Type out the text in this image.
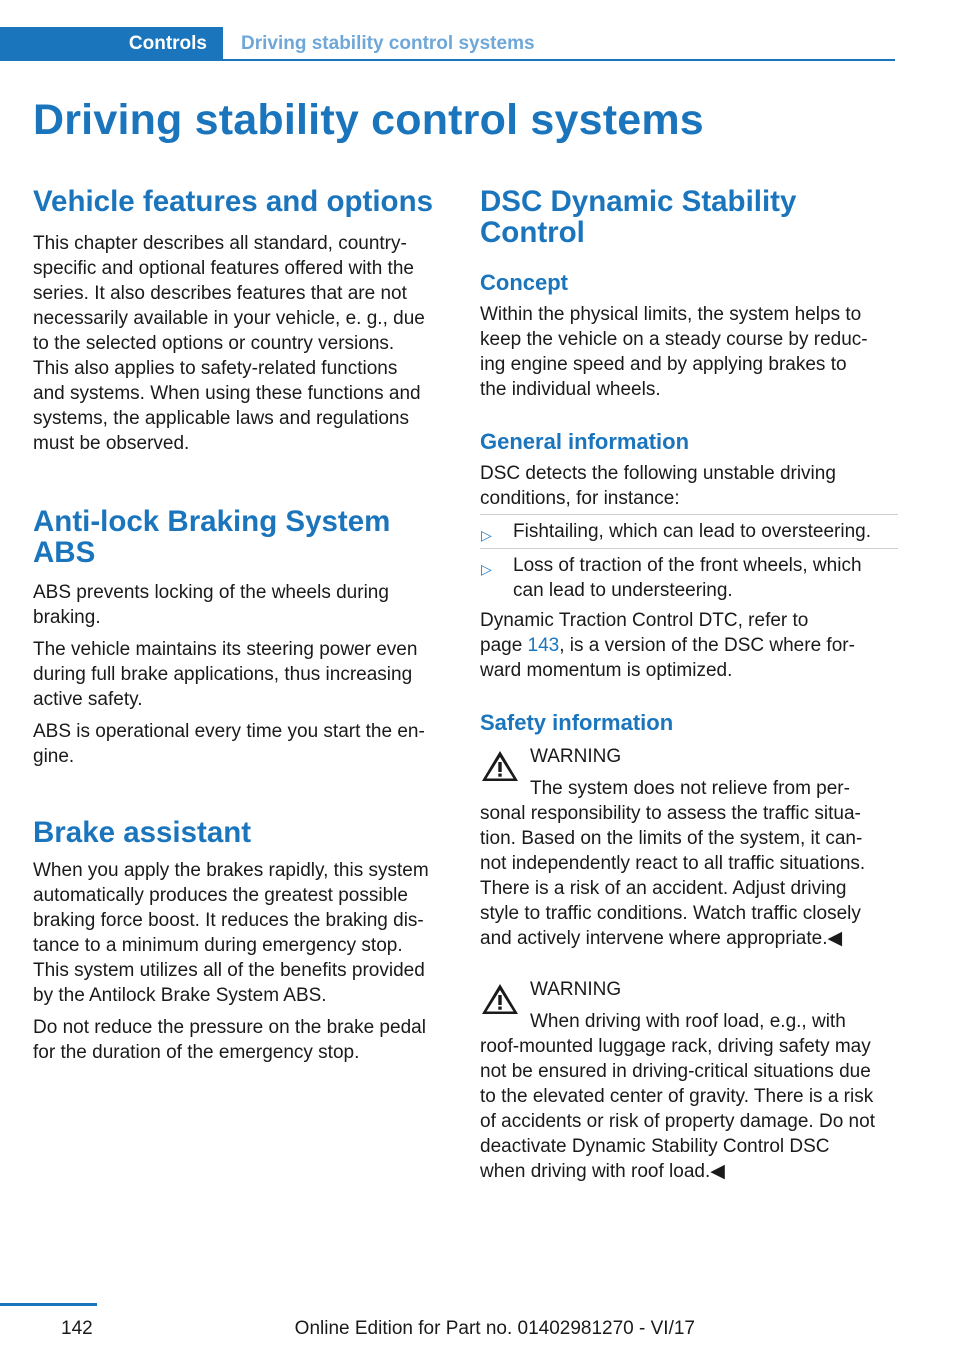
Controls Driving stability control systems
Driving stability control systems
Vehicle features and options

This chapter describes all standard, country-
specific and optional features offered with the
series. It also describes features that are not
necessarily available in your vehicle, e. g., due
to the selected options or country versions.
This also applies to safety-related functions
and systems. When using these functions and
systems, the applicable laws and regulations
must be observed.

Anti-lock Braking System
ABS

ABS prevents locking of the wheels during
braking.

The vehicle maintains its steering power even
during full brake applications, thus increasing
active safety.

ABS is operational every time you start the en-
gine.

Brake assistant

When you apply the brakes rapidly, this system
automatically produces the greatest possible
braking force boost. It reduces the braking dis-
tance to a minimum during emergency stop.
This system utilizes all of the benefits provided
by the Antilock Brake System ABS.

Do not reduce the pressure on the brake pedal
for the duration of the emergency stop.

DSC Dynamic Stability
Control
Concept

Within the physical limits, the system helps to
keep the vehicle on a steady course by reduc-
ing engine speed and by applying brakes to
the individual wheels.

General information

DSC detects the following unstable driving
conditions, for instance:

▷ Fishtailing, which can lead to oversteering.
▷ Loss of traction of the front wheels, which
can lead to understeering.

Dynamic Traction Control DTC, refer to
page 143, is a version of the DSC where for-
ward momentum is optimized.

Safety information
WARNING

The system does not relieve from per-
sonal responsibility to assess the traffic situa-
tion. Based on the limits of the system, it can-
not independently react to all traffic situations.
There is a risk of an accident. Adjust driving
style to traffic conditions. Watch traffic closely
and actively intervene where appropriate.◀

WARNING

When driving with roof load, e.g., with
roof-mounted luggage rack, driving safety may
not be ensured in driving-critical situations due
to the elevated center of gravity. There is a risk
of accidents or risk of property damage. Do not
deactivate Dynamic Stability Control DSC
when driving with roof load.◀

142	Online Edition for Part no. 01402981270 - VI/17
